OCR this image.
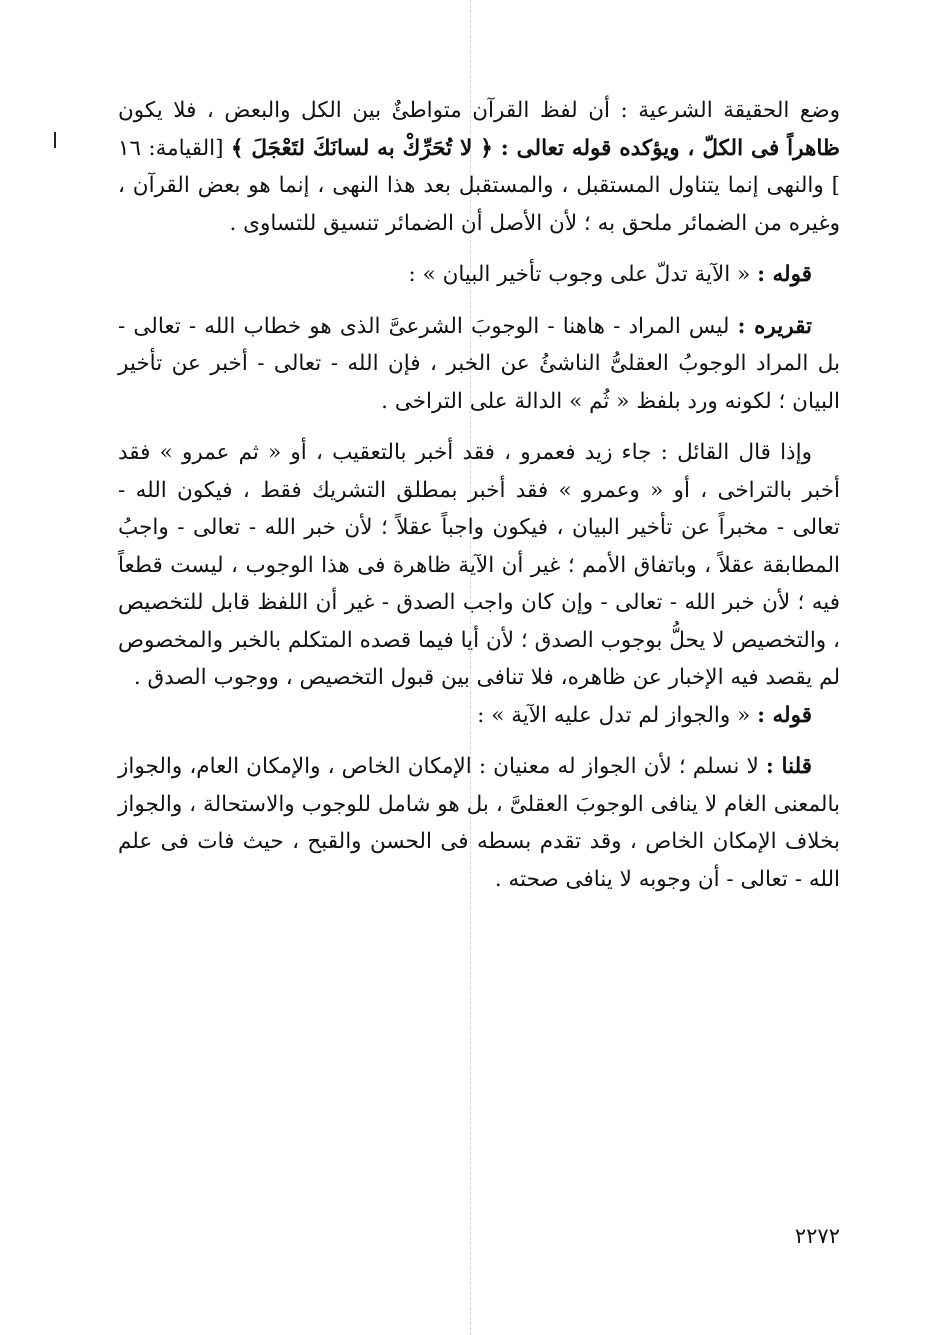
وضع الحقيقة الشرعية : أن لفظ القرآن متواطئٌ بين الكل والبعض ، فلا يكون ظاهراً فى الكلّ ، ويؤكده قوله تعالى : ﴿ لا تُحَرِّكْ به لسانَكَ لتَعْجَلَ ﴾ [القيامة: ١٦ ] والنهى إنما يتناول المستقبل ، والمستقبل بعد هذا النهى ، إنما هو بعض القرآن ، وغيره من الضمائر ملحق به ؛ لأن الأصل أن الضمائر تنسيق للتساوى .

قوله : « الآية تدلّ على وجوب تأخير البيان » :

تقريره : ليس المراد - هاهنا - الوجوبَ الشرعىَّ الذى هو خطاب الله - تعالى - بل المراد الوجوبُ العقلىُّ الناشئُ عن الخبر ، فإن الله - تعالى - أخبر عن تأخير البيان ؛ لكونه ورد بلفظ « ثُم » الدالة على التراخى .

وإذا قال القائل : جاء زيد فعمرو ، فقد أخبر بالتعقيب ، أو « ثم عمرو » فقد أخبر بالتراخى ، أو « وعمرو » فقد أخبر بمطلق التشريك فقط ، فيكون الله - تعالى - مخبراً عن تأخير البيان ، فيكون واجباً عقلاً ؛ لأن خبر الله - تعالى - واجبُ المطابقة عقلاً ، وباتفاق الأمم ؛ غير أن الآية ظاهرة فى هذا الوجوب ، ليست قطعاً فيه ؛ لأن خبر الله - تعالى - وإن كان واجب الصدق - غير أن اللفظ قابل للتخصيص ، والتخصيص لا يحلُّ بوجوب الصدق ؛ لأن أيا فيما قصده المتكلم بالخبر والمخصوص لم يقصد فيه الإخبار عن ظاهره، فلا تنافى بين قبول التخصيص ، ووجوب الصدق .

قوله : « والجواز لم تدل عليه الآية » :

قلنا : لا نسلم ؛ لأن الجواز له معنيان : الإمكان الخاص ، والإمكان العام، والجواز بالمعنى الغام لا ينافى الوجوبَ العقلىَّ ، بل هو شامل للوجوب والاستحالة ، والجواز بخلاف الإمكان الخاص ، وقد تقدم بسطه فى الحسن والقبح ، حيث فات فى علم الله - تعالى - أن وجوبه لا ينافى صحته .

٢٢٧٢
